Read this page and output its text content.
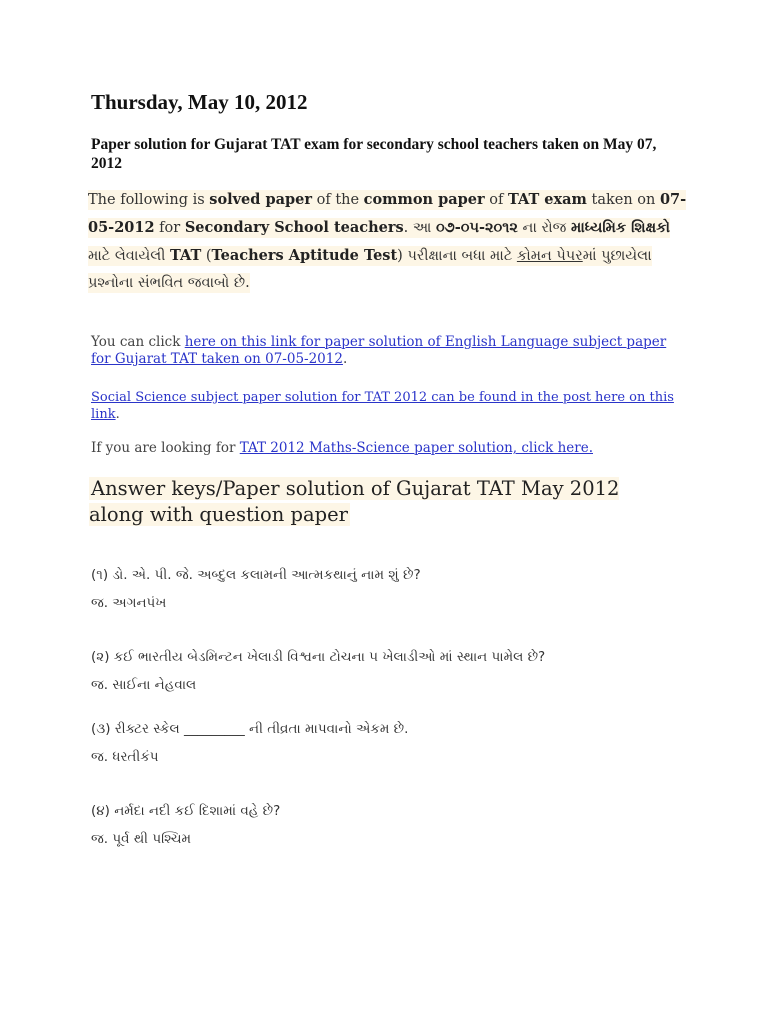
Thursday, May 10, 2012
Paper solution for Gujarat TAT exam for secondary school teachers taken on May 07, 2012

The following is solved paper of the common paper of TAT exam taken on 07-05-2012 for Secondary School teachers. આ ૦૭-૦૫-૨૦૧૨ ના રોજ માધ્યમિક શિક્ષકો માટે લેવાયેલી TAT (Teachers Aptitude Test) પરીક્ષાના બધા માટે કોમન પેપરમાં પુછાયેલા પ્રશ્નોના સંભવિત જવાબો છે.

You can click here on this link for paper solution of English Language subject paper for Gujarat TAT taken on 07-05-2012.

Social Science subject paper solution for TAT 2012 can be found in the post here on this link.

If you are looking for TAT 2012 Maths-Science paper solution, click here.

Answer keys/Paper solution of Gujarat TAT May 2012 along with question paper

(૧) ડો. એ. પી. જે. અબ્દુલ કલામની આત્મકથાનું નામ શું છે?

જ. અગનપંખ

(૨) કઈ ભારતીય બેડમિન્ટન ખેલાડી વિશ્વના ટોચના ૫ ખેલાડીઓ માં સ્થાન પામેલ છે?

જ. સાઈના નેહવાલ

(૩) રીક્ટર સ્કેલ _________ ની તીવ્રતા માપવાનો એકમ છે.

જ. ધરતીકંપ

(૪) નર્મદા નદી કઈ દિશામાં વહે છે?

જ. પૂર્વ થી પશ્ચિમ
